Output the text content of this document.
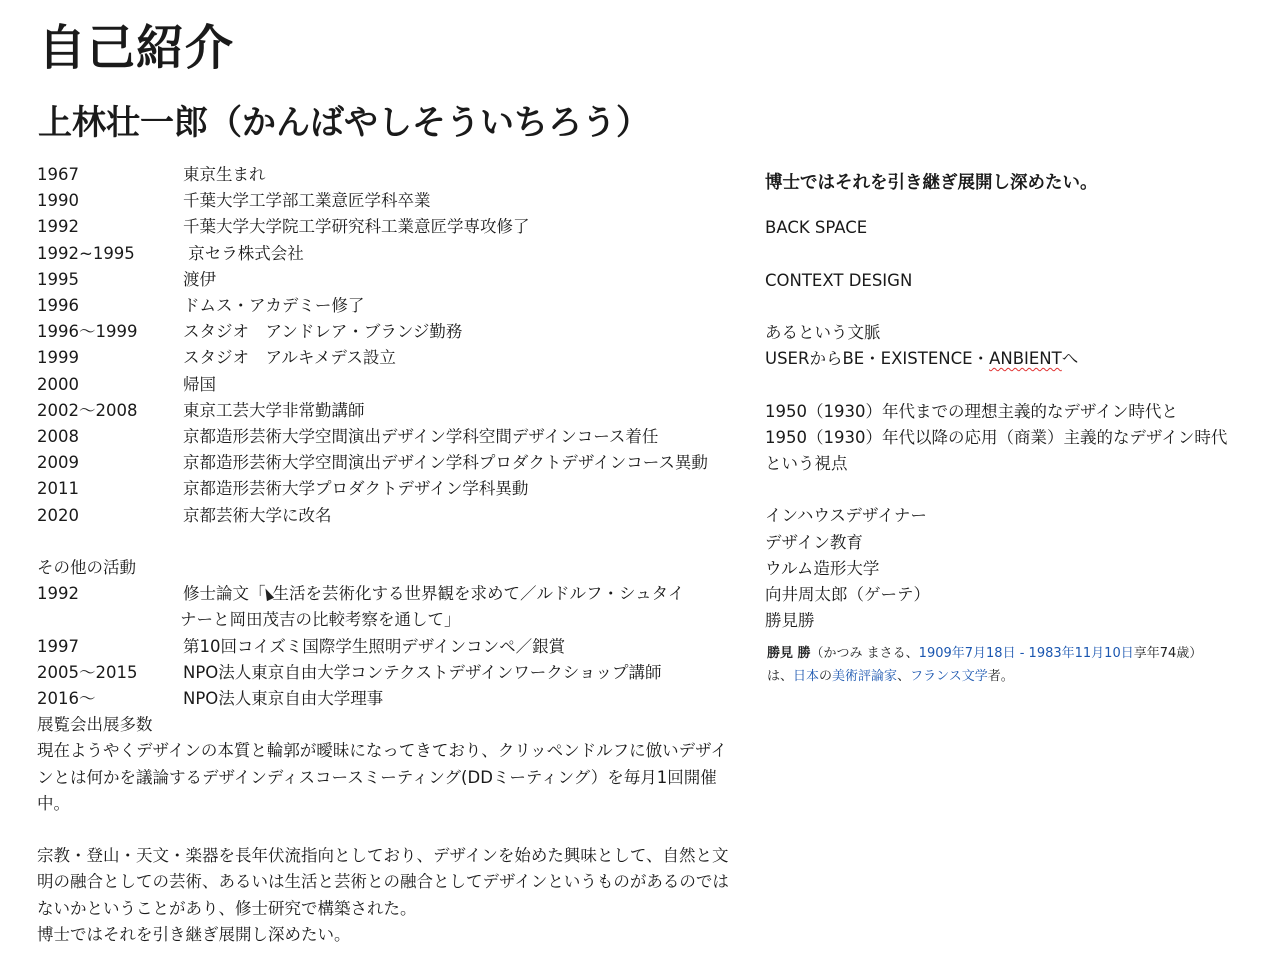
自己紹介
上林壮一郎（かんばやしそういちろう）
1967	東京生まれ
1990	千葉大学工学部工業意匠学科卒業
1992	千葉大学大学院工学研究科工業意匠学専攻修了
1992~1995	京セラ株式会社
1995	渡伊
1996	ドムス・アカデミー修了
1996～1999	スタジオ　アンドレア・ブランジ勤務
1999	スタジオ　アルキメデス設立
2000	帰国
2002～2008	東京工芸大学非常勤講師
2008	京都造形芸術大学空間演出デザイン学科空間デザインコース着任
2009	京都造形芸術大学空間演出デザイン学科プロダクトデザインコース異動
2011	京都造形芸術大学プロダクトデザイン学科異動
2020	京都芸術大学に改名
その他の活動
1992	修士論文「 生活を芸術化する世界観を求めて／ルドルフ・シュタイ
ナーと岡田茂吉の比較考察を通して」
1997	第10回コイズミ国際学生照明デザインコンペ／銀賞
2005～2015	NPO法人東京自由大学コンテクストデザインワークショップ講師
2016～	NPO法人東京自由大学理事
展覧会出展多数

現在ようやくデザインの本質と輪郭が曖昧になってきており、クリッペンドルフに倣いデザインとは何かを議論するデザインディスコースミーティング(DDミーティング）を毎月1回開催中。

宗教・登山・天文・楽器を長年伏流指向としており、デザインを始めた興味として、自然と文明の融合としての芸術、あるいは生活と芸術との融合としてデザインというものがあるのではないかということがあり、修士研究で構築された。

博士ではそれを引き継ぎ展開し深めたい。

博士ではそれを引き継ぎ展開し深めたい。
BACK SPACE
CONTEXT DESIGN
あるという文脈
USERからBE・EXISTENCE・ANBIENTへ
1950（1930）年代までの理想主義的なデザイン時代と
1950（1930）年代以降の応用（商業）主義的なデザイン時代
という視点
インハウスデザイナー
デザイン教育
ウルム造形大学
向井周太郎（ゲーテ）
勝見勝
勝見 勝（かつみ まさる、1909年7月18日 - 1983年11月10日享年74歳）
は、日本の美術評論家、フランス文学者。
